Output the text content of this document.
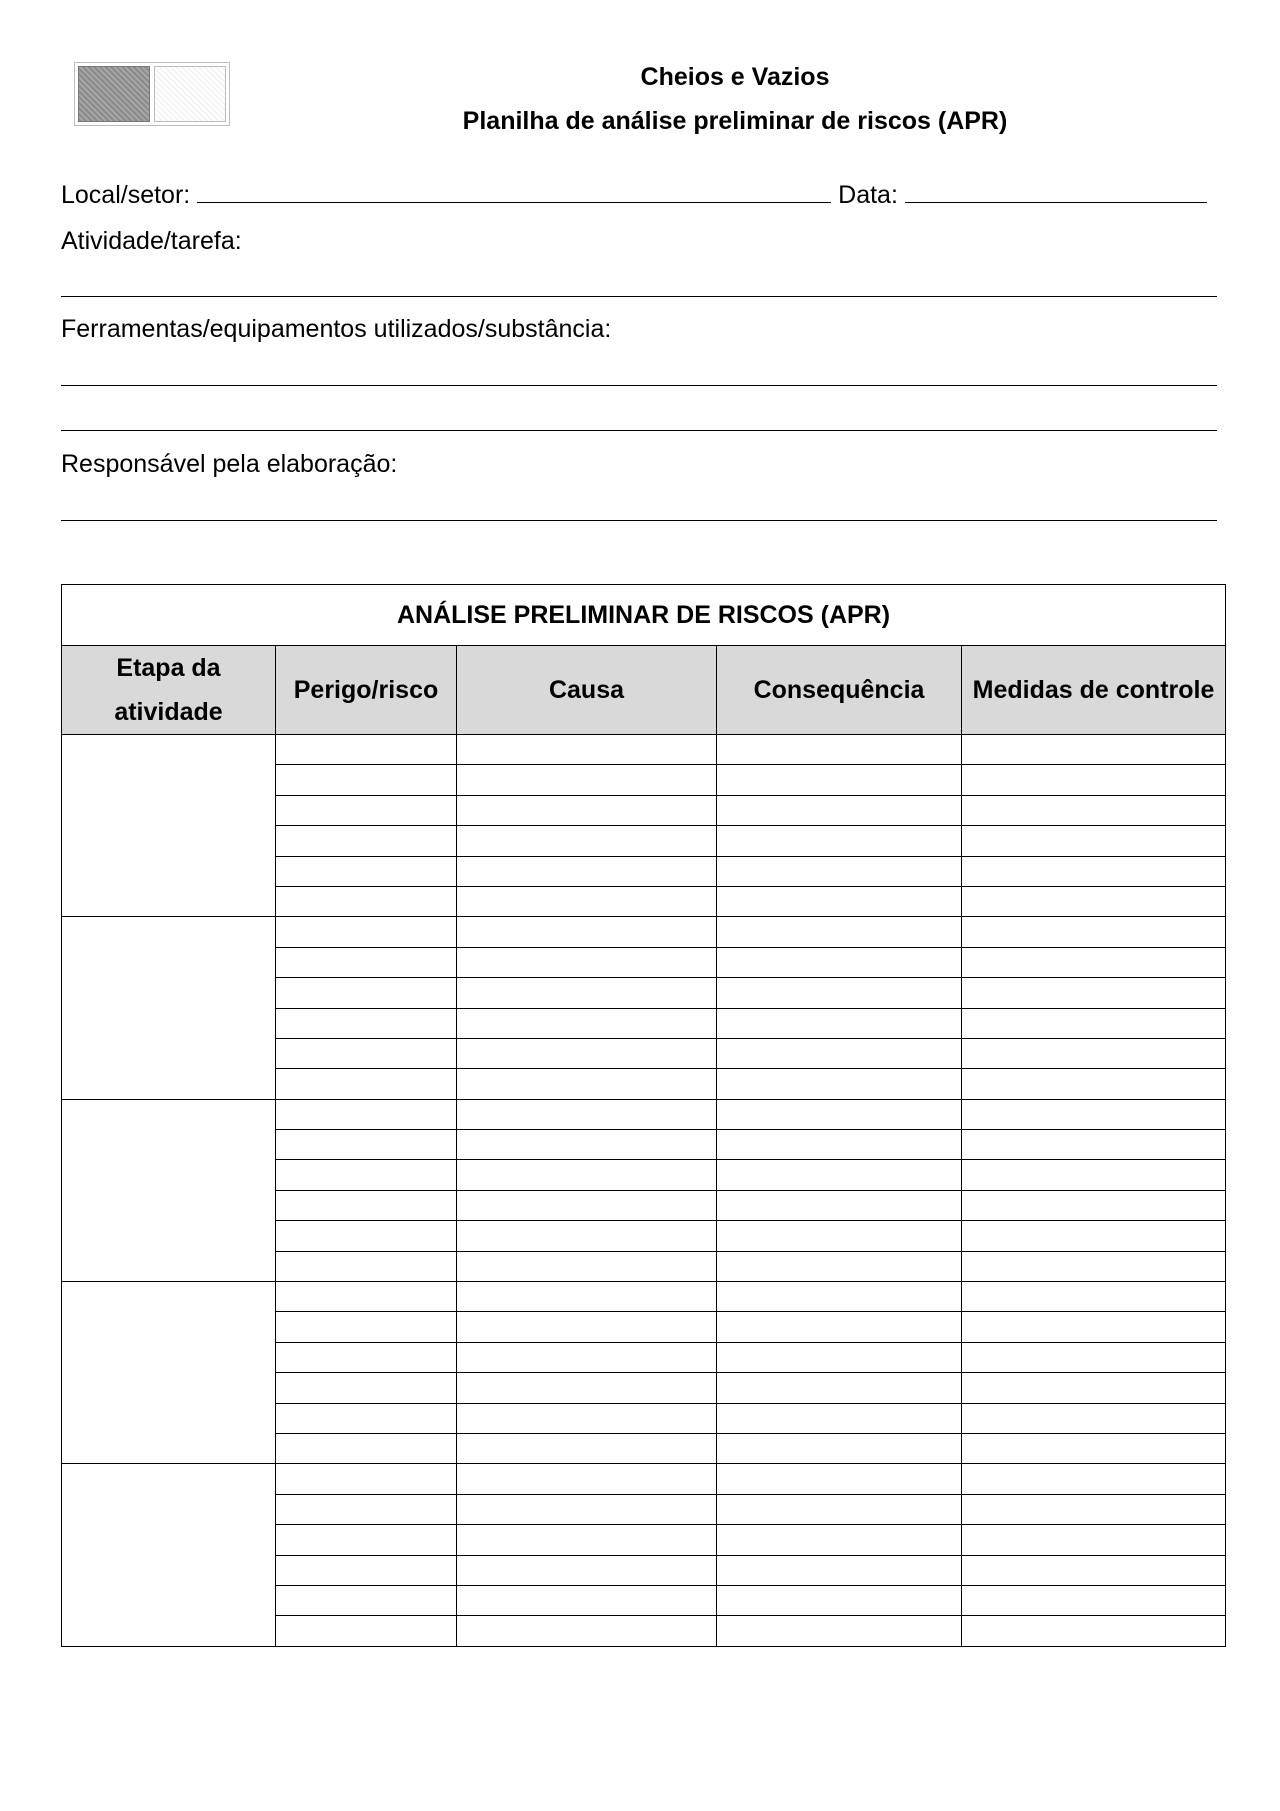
Cheios e Vazios
Planilha de análise preliminar de riscos (APR)
Local/setor:	Data:
Atividade/tarefa:
Ferramentas/equipamentos utilizados/substância:
Responsável pela elaboração:
ANÁLISE PRELIMINAR DE RISCOS (APR)				
Etapa da atividade	Perigo/risco	Causa	Consequência	Medidas de controle
